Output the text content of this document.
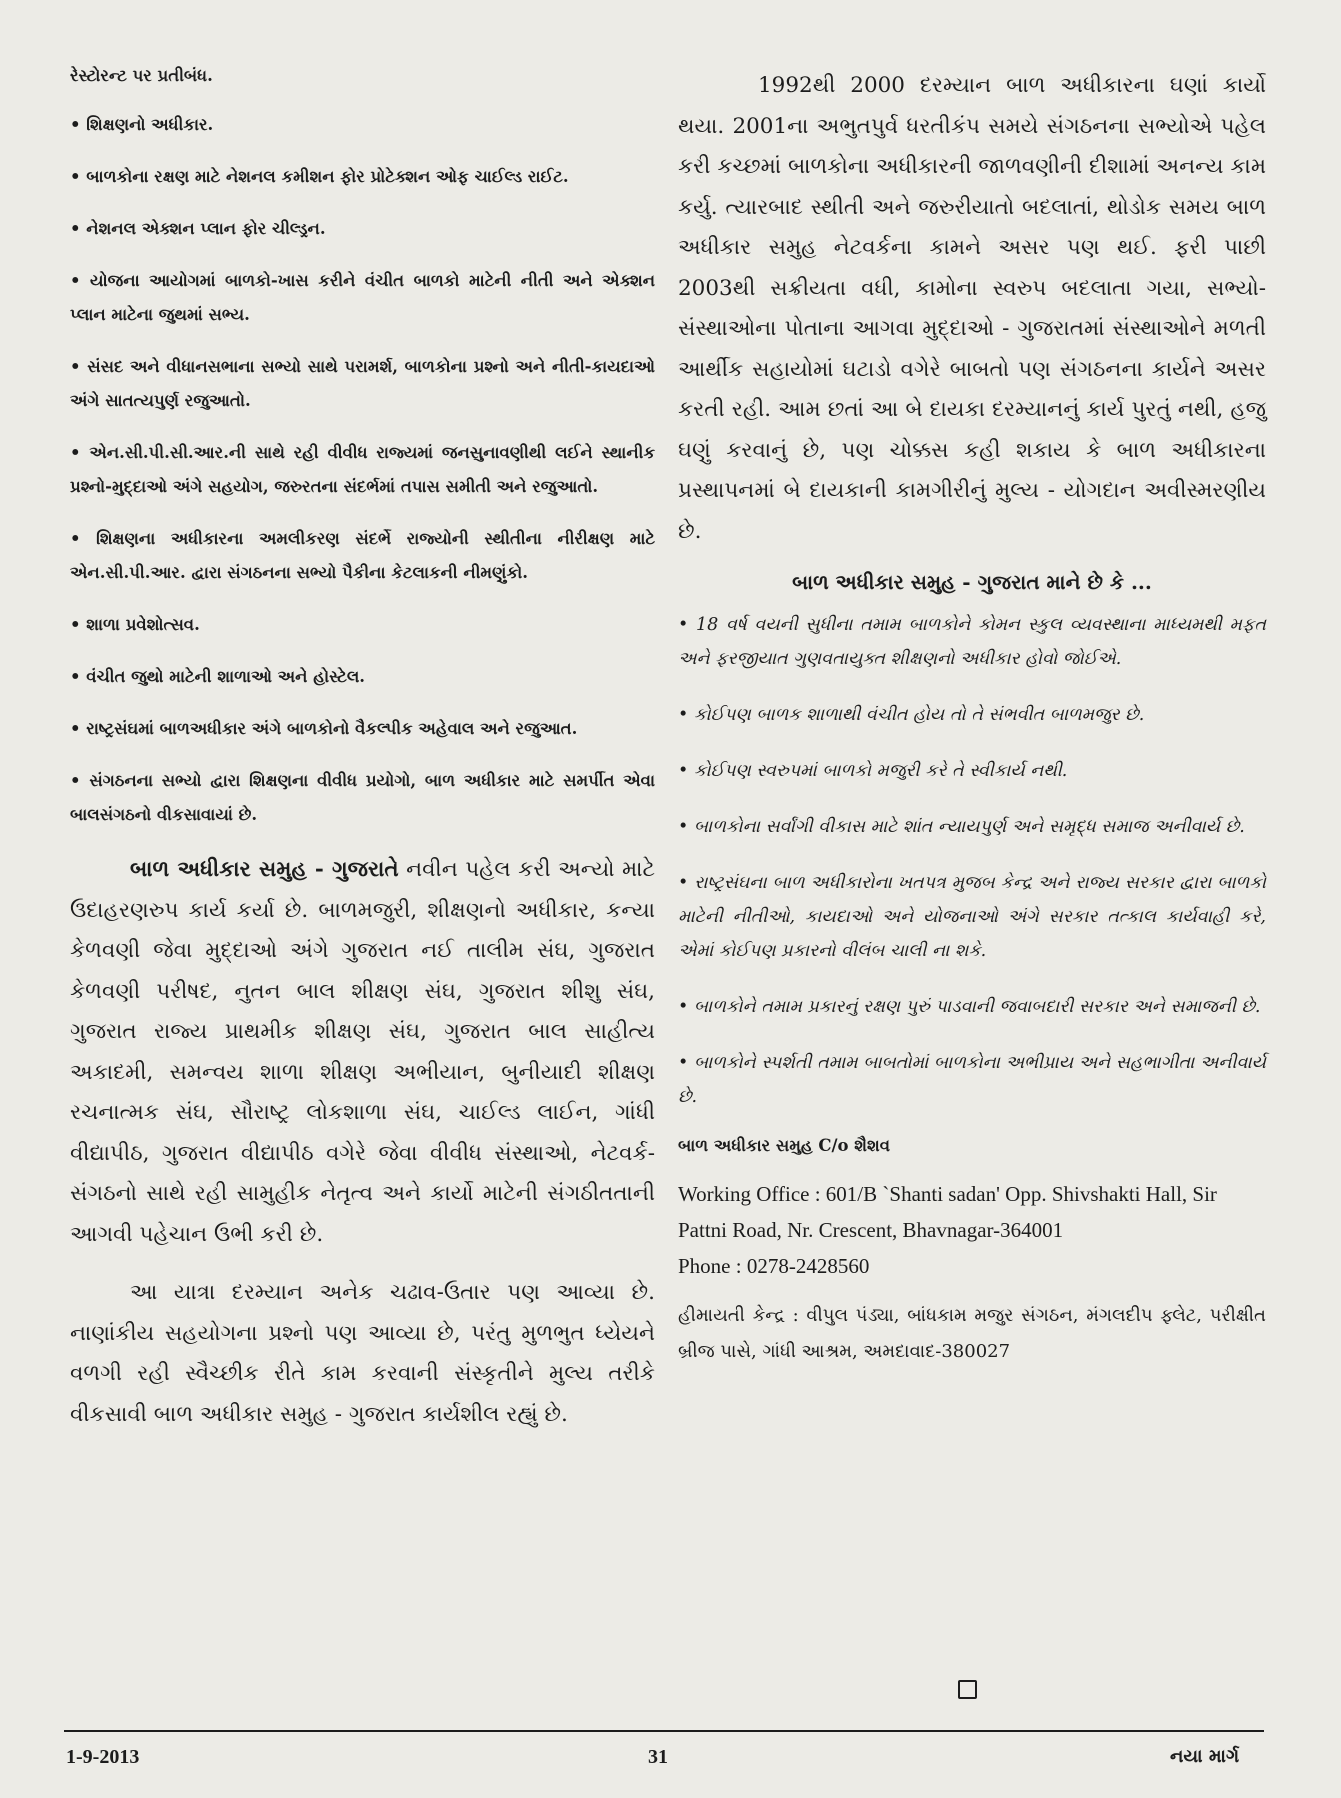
રેસ્ટોરન્ટ પર પ્રતીબંધ.

• શિક્ષણનો અધીકાર.

• બાળકોના રક્ષણ માટે નેશનલ કમીશન ફોર પ્રોટેક્શન ઓફ ચાઈલ્ડ રાઈટ.

• નેશનલ એક્શન પ્લાન ફોર ચીલ્ડ્રન.

• યોજના આયોગમાં બાળકો-ખાસ કરીને વંચીત બાળકો માટેની નીતી અને એક્શન પ્લાન માટેના જુથમાં સભ્ય.

• સંસદ અને વીધાનસભાના સભ્યો સાથે પરામર્શ, બાળકોના પ્રશ્નો અને નીતી-કાયદાઓ અંગે સાતત્યપુર્ણ રજુઆતો.

• એન.સી.પી.સી.આર.ની સાથે રહી વીવીધ રાજ્યમાં જનસુનાવણીથી લઈને સ્થાનીક પ્રશ્નો-મુદ્દાઓ અંગે સહયોગ, જરુરતના સંદર્ભમાં તપાસ સમીતી અને રજુઆતો.

• શિક્ષણના અધીકારના અમલીકરણ સંદર્ભે રાજ્યોની સ્થીતીના નીરીક્ષણ માટે એન.સી.પી.આર. દ્વારા સંગઠનના સભ્યો પૈકીના કેટલાકની નીમણુંકો.

• શાળા પ્રવેશોત્સવ.

• વંચીત જુથો માટેની શાળાઓ અને હોસ્ટેલ.

• રાષ્ટ્રસંઘમાં બાળઅધીકાર અંગે બાળકોનો વૈકલ્પીક અહેવાલ અને રજુઆત.

• સંગઠનના સભ્યો દ્વારા શિક્ષણના વીવીધ પ્રયોગો, બાળ અધીકાર માટે સમર્પીત એવા બાલસંગઠનો વીકસાવાયાં છે.

બાળ અધીકાર સમુહ - ગુજરાતે નવીન પહેલ કરી અન્યો માટે ઉદાહરણરુપ કાર્ય કર્યા છે. બાળમજુરી, શીક્ષણનો અધીકાર, કન્યા કેળવણી જેવા મુદ્દાઓ અંગે ગુજરાત નઈ તાલીમ સંઘ, ગુજરાત કેળવણી પરીષદ, નુતન બાલ શીક્ષણ સંઘ, ગુજરાત શીશુ સંઘ, ગુજરાત રાજ્ય પ્રાથમીક શીક્ષણ સંઘ, ગુજરાત બાલ સાહીત્ય અકાદમી, સમન્વય શાળા શીક્ષણ અભીયાન, બુનીયાદી શીક્ષણ રચનાત્મક સંઘ, સૌરાષ્ટ્ર લોકશાળા સંઘ, ચાઈલ્ડ લાઈન, ગાંધી વીદ્યાપીઠ, ગુજરાત વીદ્યાપીઠ વગેરે જેવા વીવીધ સંસ્થાઓ, નેટવર્ક-સંગઠનો સાથે રહી સામુહીક નેતૃત્વ અને કાર્યો માટેની સંગઠીતતાની આગવી પહેચાન ઉભી કરી છે.

આ યાત્રા દરમ્યાન અનેક ચઢાવ-ઉતાર પણ આવ્યા છે. નાણાંકીય સહયોગના પ્રશ્નો પણ આવ્યા છે, પરંતુ મુળભુત ધ્યેયને વળગી રહી સ્વૈચ્છીક રીતે કામ કરવાની સંસ્કૃતીને મુલ્ય તરીકે વીકસાવી બાળ અધીકાર સમુહ - ગુજરાત કાર્યશીલ રહ્યું છે.

1992થી 2000 દરમ્યાન બાળ અધીકારના ઘણાં કાર્યો થયા. 2001ના અભુતપુર્વ ધરતીકંપ સમયે સંગઠનના સભ્યોએ પહેલ કરી કચ્છમાં બાળકોના અધીકારની જાળવણીની દીશામાં અનન્ય કામ કર્યુ. ત્યારબાદ સ્થીતી અને જરુરીયાતો બદલાતાં, થોડોક સમય બાળ અધીકાર સમુહ નેટવર્કના કામને અસર પણ થઈ. ફરી પાછી 2003થી સક્રીયતા વધી, કામોના સ્વરુપ બદલાતા ગયા, સભ્યો-સંસ્થાઓના પોતાના આગવા મુદ્દાઓ - ગુજરાતમાં સંસ્થાઓને મળતી આર્થીક સહાયોમાં ઘટાડો વગેરે બાબતો પણ સંગઠનના કાર્યને અસર કરતી રહી. આમ છતાં આ બે દાયકા દરમ્યાનનું કાર્ય પુરતું નથી, હજુ ઘણું કરવાનું છે, પણ ચોક્કસ કહી શકાય કે બાળ અધીકારના પ્રસ્થાપનમાં બે દાયકાની કામગીરીનું મુલ્ય - યોગદાન અવીસ્મરણીય છે.

બાળ અધીકાર સમુહ - ગુજરાત માને છે કે ...

• 18 વર્ષ વયની સુધીના તમામ બાળકોને કોમન સ્કુલ વ્યવસ્થાના માધ્યમથી મફત અને ફરજીયાત ગુણવતાયુક્ત શીક્ષણનો અધીકાર હોવો જોઈએ.

• કોઈપણ બાળક શાળાથી વંચીત હોય તો તે સંભવીત બાળમજુર છે.

• કોઈપણ સ્વરુપમાં બાળકો મજુરી કરે તે સ્વીકાર્ય નથી.

• બાળકોના સર્વાંગી વીકાસ માટે શાંત ન્યાયપુર્ણ અને સમૃદ્ધ સમાજ અનીવાર્ય છે.

• રાષ્ટ્રસંઘના બાળ અધીકારોના ખતપત્ર મુજબ કેન્દ્ર અને રાજ્ય સરકાર દ્વારા બાળકો માટેની નીતીઓ, કાયદાઓ અને યોજનાઓ અંગે સરકાર તત્કાલ કાર્યવાહી કરે, એમાં કોઈપણ પ્રકારનો વીલંબ ચાલી ના શકે.

• બાળકોને તમામ પ્રકારનું રક્ષણ પુરું પાડવાની જવાબદારી સરકાર અને સમાજની છે.

• બાળકોને સ્પર્શતી તમામ બાબતોમાં બાળકોના અભીપ્રાય અને સહભાગીતા અનીવાર્ય છે.

બાળ અધીકાર સમુહ C/o શૈશવ

Working Office : 601/B `Shanti sadan' Opp. Shivshakti Hall, Sir Pattni Road, Nr. Crescent, Bhavnagar-364001
Phone : 0278-2428560

હીમાયતી કેન્દ્ર : વીપુલ પંડ્યા, બાંધકામ મજુર સંગઠન, મંગલદીપ ફ્લેટ, પરીક્ષીત બ્રીજ પાસે, ગાંધી આશ્રમ, અમદાવાદ-380027

1-9-2013	31	નયા માર્ગ
